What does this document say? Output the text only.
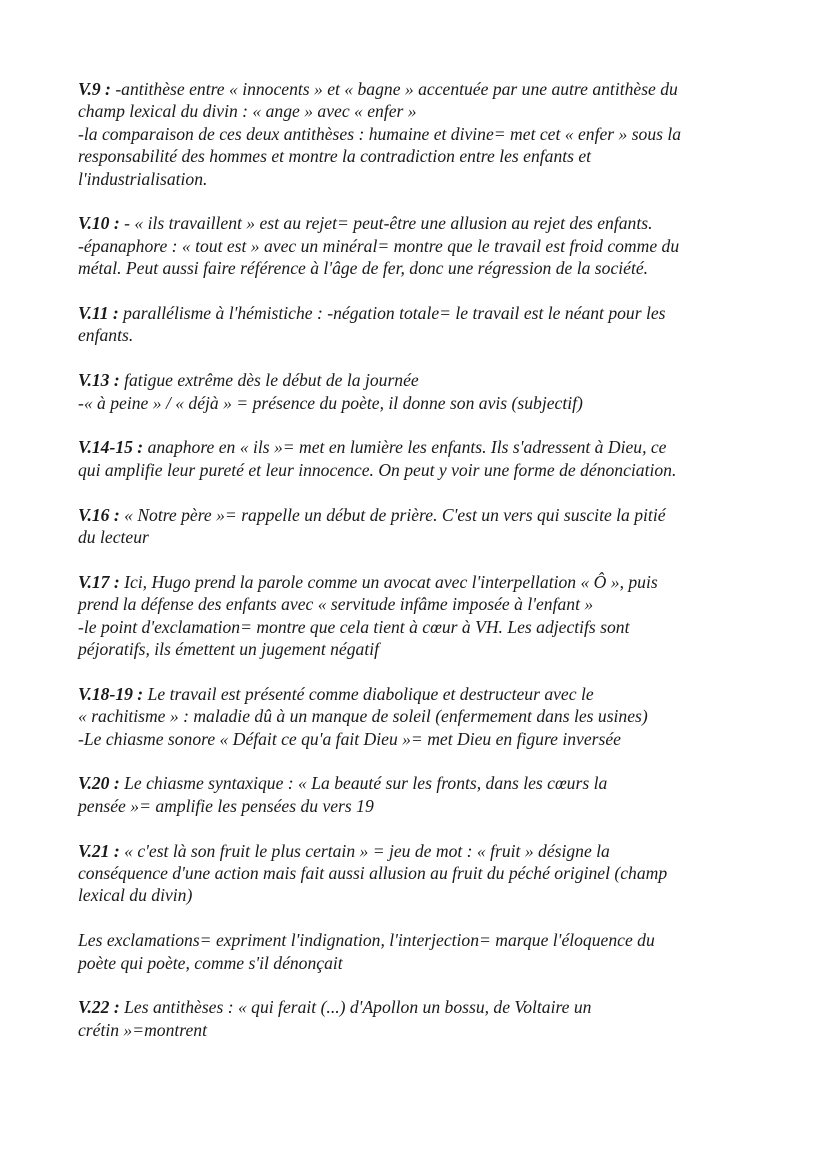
V.9 : -antithèse entre « innocents » et « bagne » accentuée par une autre antithèse du
champ lexical du divin : « ange » avec « enfer »
-la comparaison de ces deux antithèses : humaine et divine= met cet « enfer » sous la
responsabilité des hommes et montre la contradiction entre les enfants et
l'industrialisation.

V.10 : - « ils travaillent » est au rejet= peut-être une allusion au rejet des enfants.
-épanaphore : « tout est » avec un minéral= montre que le travail est froid comme du
métal. Peut aussi faire référence à l'âge de fer, donc une régression de la société.

V.11 : parallélisme à l'hémistiche : -négation totale= le travail est le néant pour les
enfants.

V.13 : fatigue extrême dès le début de la journée
-« à peine » / « déjà » = présence du poète, il donne son avis (subjectif)

V.14-15 : anaphore en « ils »= met en lumière les enfants. Ils s'adressent à Dieu, ce
qui amplifie leur pureté et leur innocence. On peut y voir une forme de dénonciation.

V.16 : « Notre père »= rappelle un début de prière. C'est un vers qui suscite la pitié
du lecteur

V.17 : Ici, Hugo prend la parole comme un avocat avec l'interpellation « Ô », puis
prend la défense des enfants avec « servitude infâme imposée à l'enfant »
-le point d'exclamation= montre que cela tient à cœur à VH. Les adjectifs sont
péjoratifs, ils émettent un jugement négatif

V.18-19 : Le travail est présenté comme diabolique et destructeur avec le
« rachitisme » : maladie dû à un manque de soleil (enfermement dans les usines)
-Le chiasme sonore « Défait ce qu'a fait Dieu »= met Dieu en figure inversée

V.20 : Le chiasme syntaxique : « La beauté sur les fronts, dans les cœurs la
pensée »= amplifie les pensées du vers 19

V.21 : « c'est là son fruit le plus certain » = jeu de mot : « fruit » désigne la
conséquence d'une action mais fait aussi allusion au fruit du péché originel (champ
lexical du divin)

Les exclamations= expriment l'indignation, l'interjection= marque l'éloquence du
poète qui poète, comme s'il dénonçait

V.22 : Les antithèses : « qui ferait (...) d'Apollon un bossu, de Voltaire un
crétin »=montrent
